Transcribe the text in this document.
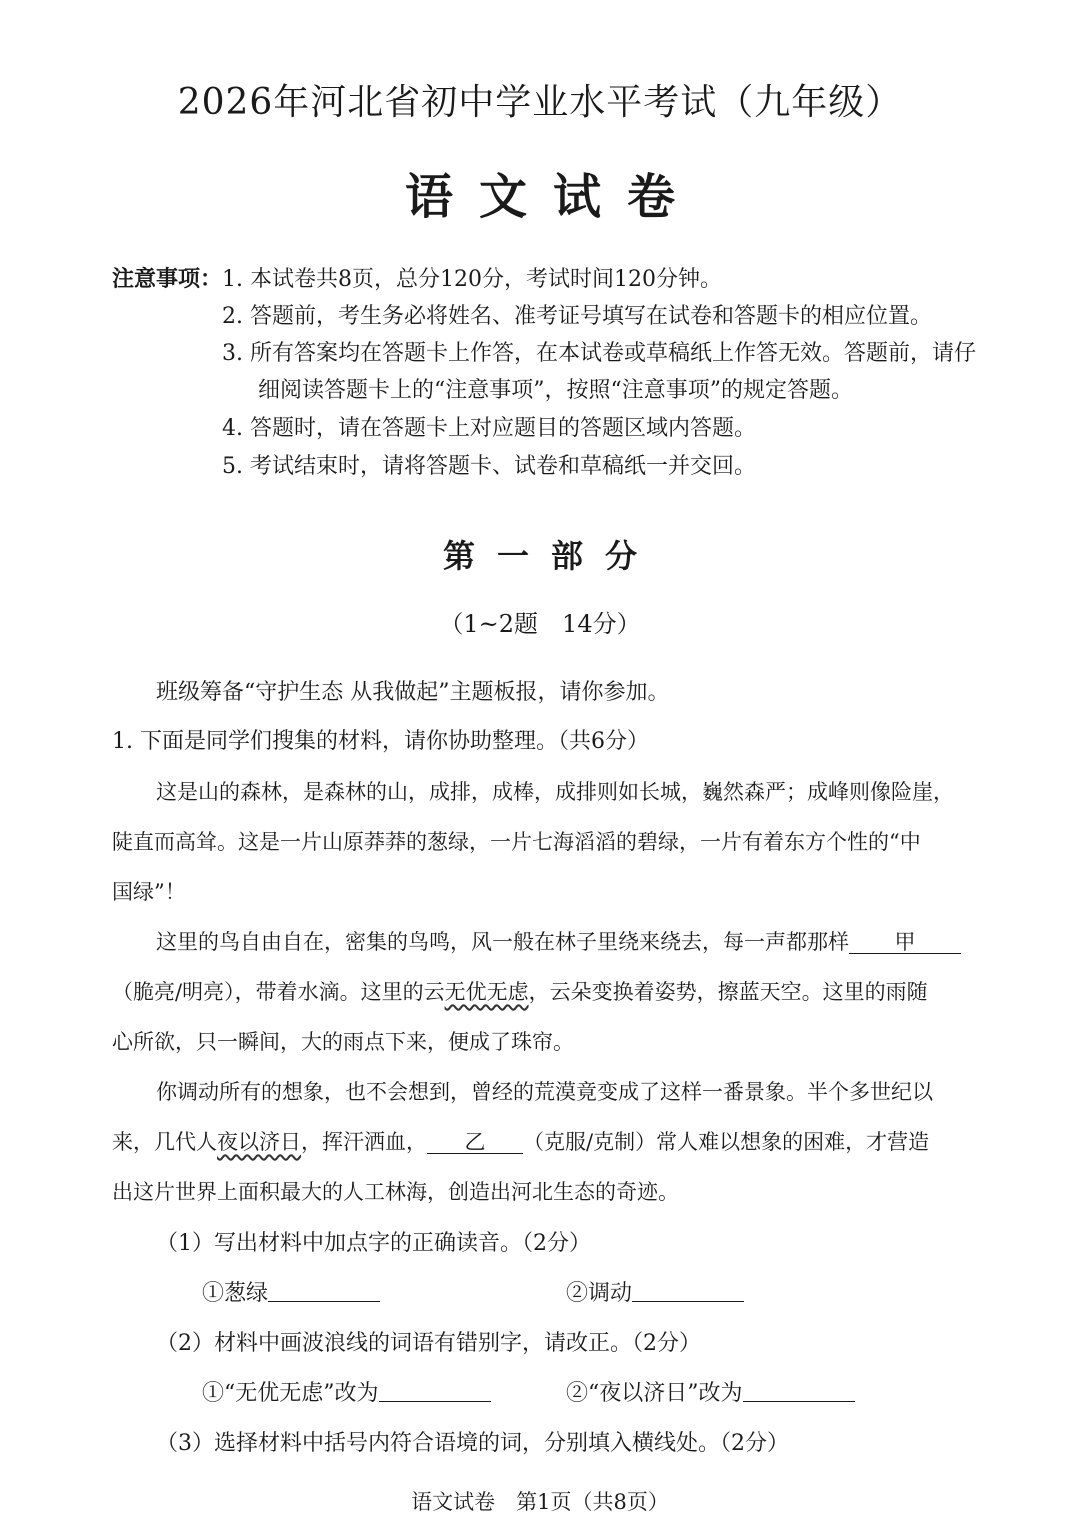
2026年河北省初中学业水平考试（九年级）
语文试卷
注意事项： 1. 本试卷共8页，总分120分，考试时间120分钟。
2. 答题前，考生务必将姓名、准考证号填写在试卷和答题卡的相应位置。
3. 所有答案均在答题卡上作答，在本试卷或草稿纸上作答无效。答题前，请仔
细阅读答题卡上的“注意事项”，按照“注意事项”的规定答题。
4. 答题时，请在答题卡上对应题目的答题区域内答题。
5. 考试结束时，请将答题卡、试卷和草稿纸一并交回。
第一部分
（1~2题　14分）
班级筹备“守护生态 从我做起”主题板报，请你参加。
1. 下面是同学们搜集的材料，请你协助整理。（共6分）
这是山的森林，是森林的山，成排，成棒，成排则如长城，巍然森严；成峰则像险崖，
陡直而高耸。这是一片山原莽莽的葱绿，一片七海滔滔的碧绿，一片有着东方个性的“中
国绿”！
这里的鸟自由自在，密集的鸟鸣，风一般在林子里绕来绕去，每一声都那样 甲
（脆亮/明亮），带着水滴。这里的云无优无虑，云朵变换着姿势，擦蓝天空。这里的雨随
心所欲，只一瞬间，大的雨点下来，便成了珠帘。
你调动所有的想象，也不会想到，曾经的荒漠竟变成了这样一番景象。半个多世纪以
来，几代人夜以济日，挥汗洒血， 乙 （克服/克制）常人难以想象的困难，才营造
出这片世界上面积最大的人工林海，创造出河北生态的奇迹。
（1）写出材料中加点字的正确读音。（2分）
①葱绿	②调动
（2）材料中画波浪线的词语有错别字，请改正。（2分）
①“无优无虑”改为	②“夜以济日”改为
（3）选择材料中括号内符合语境的词，分别填入横线处。（2分）
语文试卷　第1页（共8页）
